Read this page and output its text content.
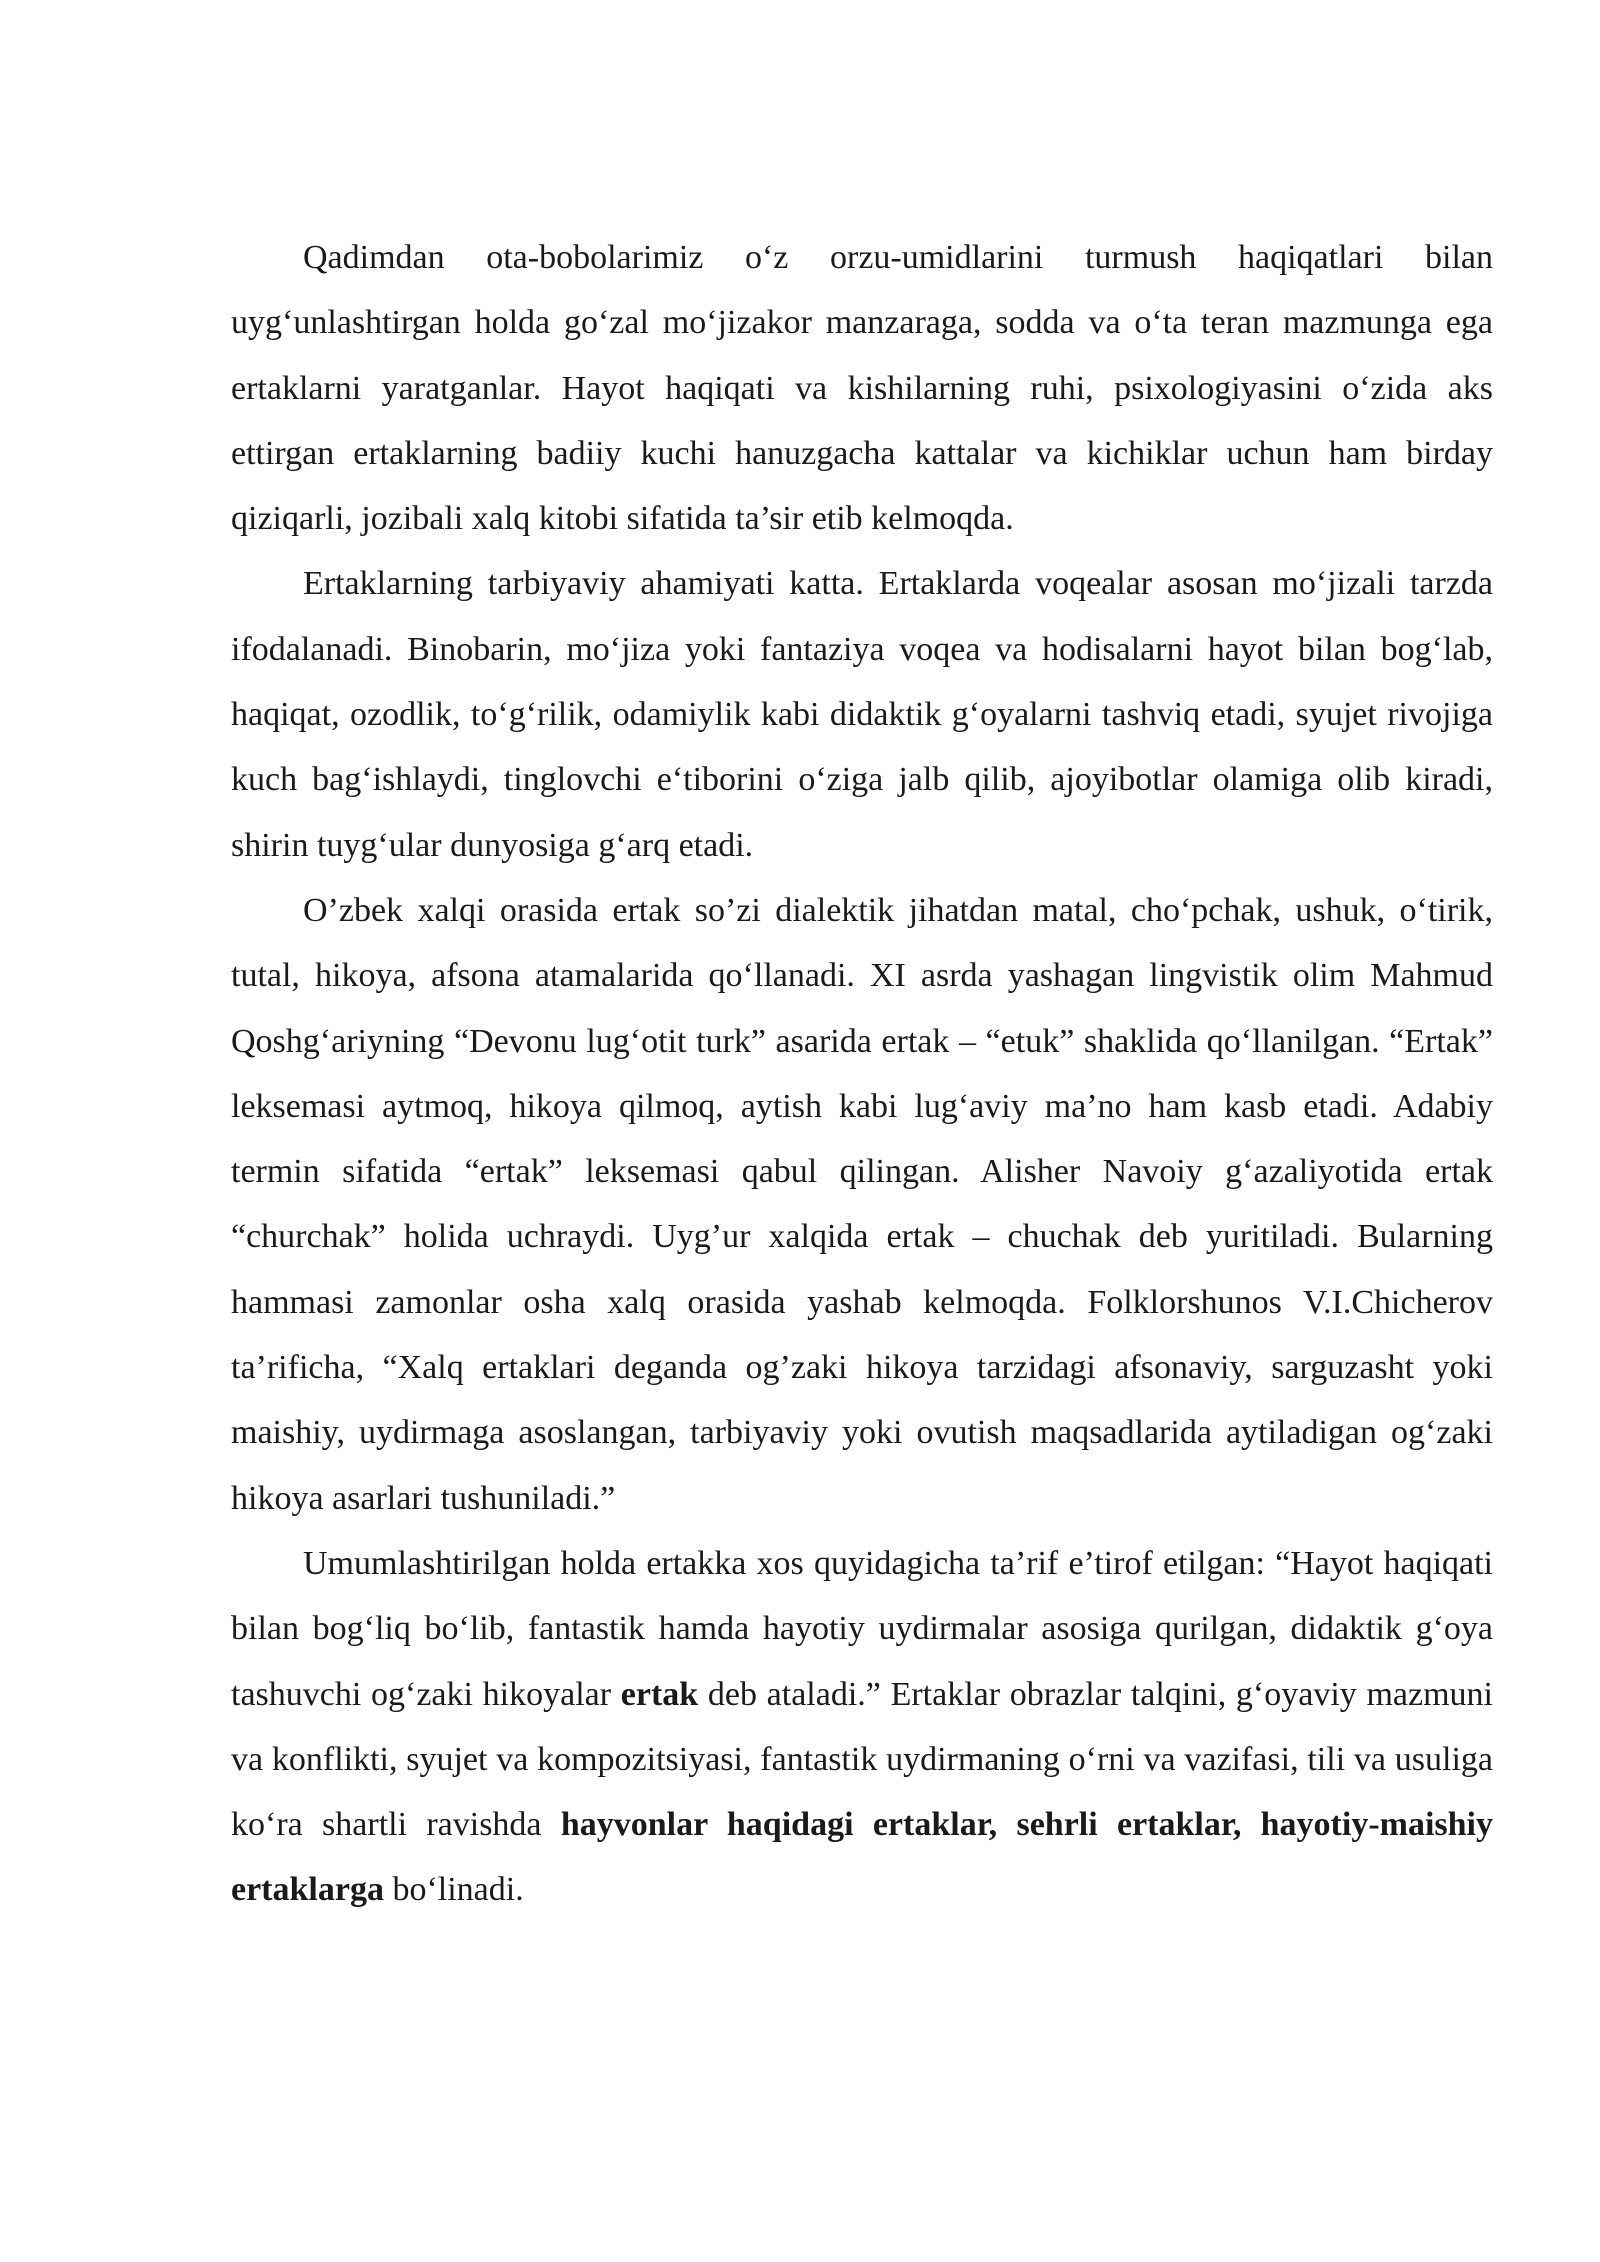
Qadimdan ota-bobolarimiz o‘z orzu-umidlarini turmush haqiqatlari bilan uyg‘unlashtirgan holda go‘zal mo‘jizakor manzaraga, sodda va o‘ta teran mazmunga ega ertaklarni yaratganlar. Hayot haqiqati va kishilarning ruhi, psixologiyasini o‘zida aks ettirgan ertaklarning badiiy kuchi hanuzgacha kattalar va kichiklar uchun ham birday qiziqarli, jozibali xalq kitobi sifatida ta’sir etib kelmoqda.

Ertaklarning tarbiyaviy ahamiyati katta. Ertaklarda voqealar asosan mo‘jizali tarzda ifodalanadi. Binobarin, mo‘jiza yoki fantaziya voqea va hodisalarni hayot bilan bog‘lab, haqiqat, ozodlik, to‘g‘rilik, odamiylik kabi didaktik g‘oyalarni tashviq etadi, syujet rivojiga kuch bag‘ishlaydi, tinglovchi e‘tiborini o‘ziga jalb qilib, ajoyibotlar olamiga olib kiradi, shirin tuyg‘ular dunyosiga g‘arq etadi.

O’zbek xalqi orasida ertak so’zi dialektik jihatdan matal, cho‘pchak, ushuk, o‘tirik, tutal, hikoya, afsona atamalarida qo‘llanadi. XI asrda yashagan lingvistik olim Mahmud Qoshg‘ariyning “Devonu lug‘otit turk” asarida ertak – “etuk” shaklida qo‘llanilgan. “Ertak” leksemasi aytmoq, hikoya qilmoq, aytish kabi lug‘aviy ma’no ham kasb etadi. Adabiy termin sifatida “ertak” leksemasi qabul qilingan. Alisher Navoiy g‘azaliyotida ertak “churchak” holida uchraydi. Uyg’ur xalqida ertak – chuchak deb yuritiladi. Bularning hammasi zamonlar osha xalq orasida yashab kelmoqda. Folklorshunos V.I.Chicherov ta’rificha, “Xalq ertaklari deganda og’zaki hikoya tarzidagi afsonaviy, sarguzasht yoki maishiy, uydirmaga asoslangan, tarbiyaviy yoki ovutish maqsadlarida aytiladigan og‘zaki hikoya asarlari tushuniladi.”

Umumlashtirilgan holda ertakka xos quyidagicha ta’rif e’tirof etilgan: “Hayot haqiqati bilan bog‘liq bo‘lib, fantastik hamda hayotiy uydirmalar asosiga qurilgan, didaktik g‘oya tashuvchi og‘zaki hikoyalar ertak deb ataladi.” Ertaklar obrazlar talqini, g‘oyaviy mazmuni va konflikti, syujet va kompozitsiyasi, fantastik uydirmaning o‘rni va vazifasi, tili va usuliga ko‘ra shartli ravishda hayvonlar haqidagi ertaklar, sehrli ertaklar, hayotiy-maishiy ertaklarga bo‘linadi.
